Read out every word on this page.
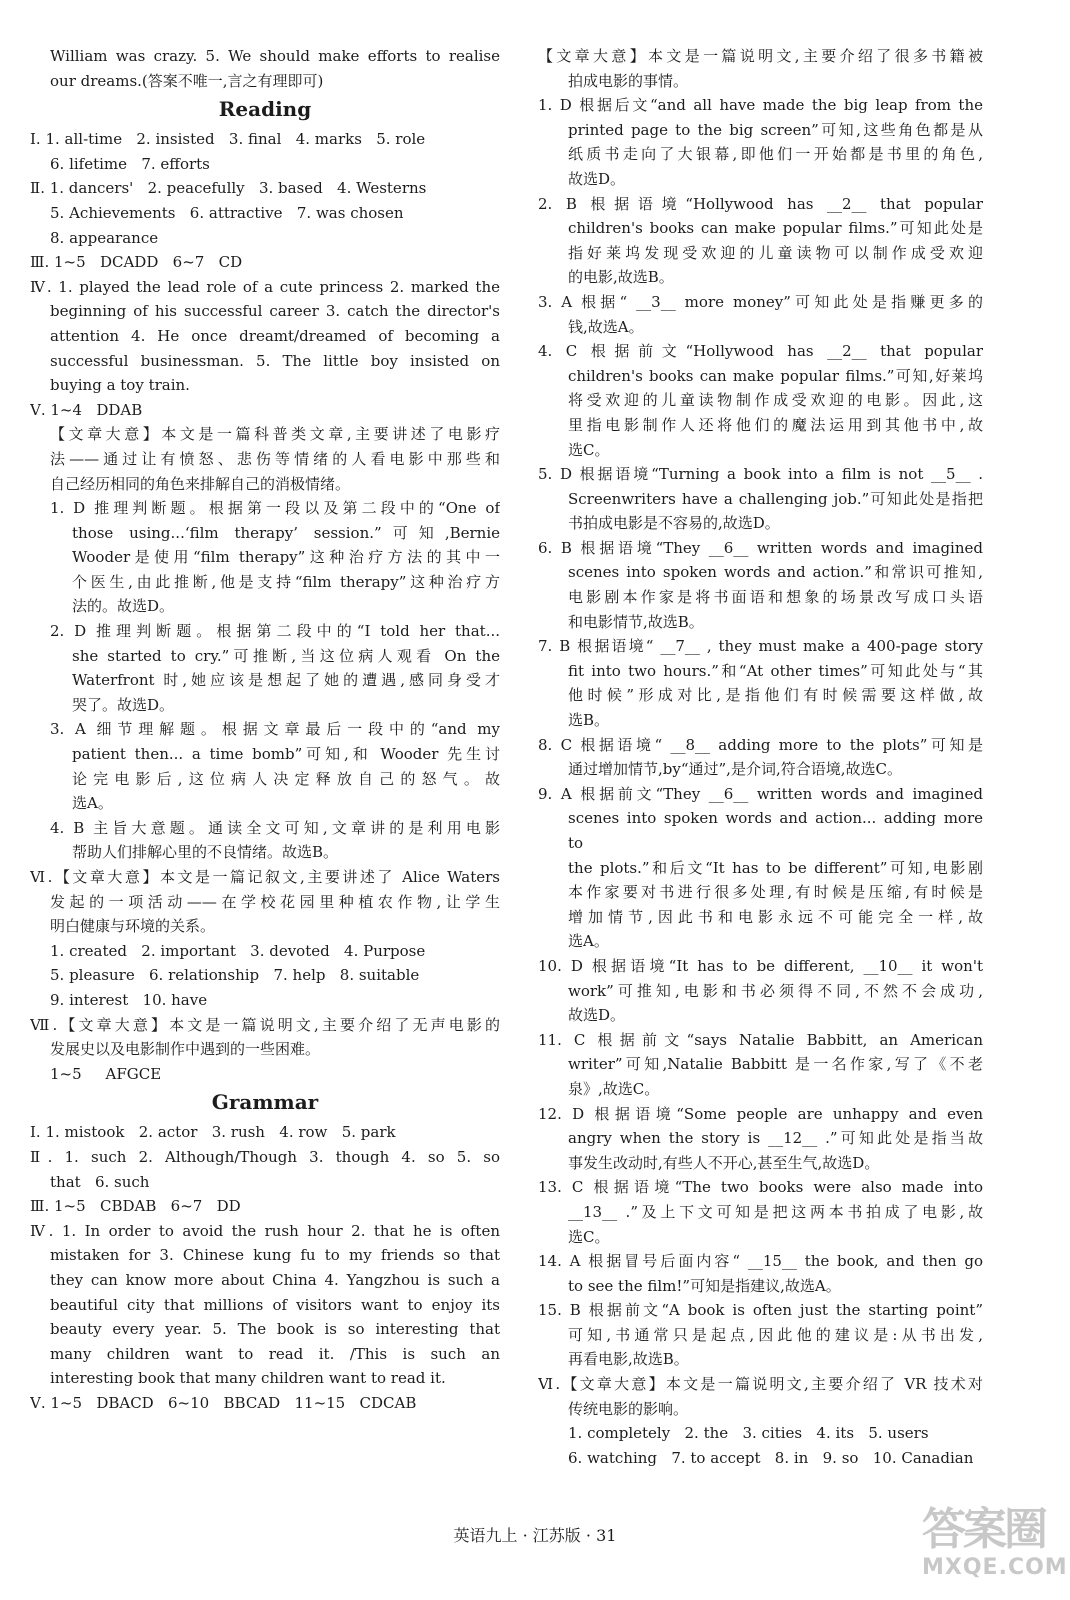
William was crazy. 5. We should make efforts to realise
our dreams.(答案不唯一,言之有理即可)
Reading
Ⅰ. 1. all-time   2. insisted   3. final   4. marks   5. role
6. lifetime   7. efforts
Ⅱ. 1. dancers'   2. peacefully   3. based   4. Westerns
5. Achievements   6. attractive   7. was chosen
8. appearance
Ⅲ. 1~5   DCADD   6~7   CD
Ⅳ. 1. played the lead role of a cute princess 2. marked the
beginning of his successful career 3. catch the director's
attention 4. He once dreamt/dreamed of becoming a
successful businessman. 5. The little boy insisted on
buying a toy train.
Ⅴ. 1~4   DDAB
【文章大意】本文是一篇科普类文章,主要讲述了电影疗
法——通过让有愤怒、悲伤等情绪的人看电影中那些和
自己经历相同的角色来排解自己的消极情绪。
1. D 推理判断题。根据第一段以及第二段中的“One of
those using...‘film therapy’ session.”可知,Bernie
Wooder是使用“film therapy”这种治疗方法的其中一
个医生,由此推断,他是支持“film therapy”这种治疗方
法的。故选D。
2. D 推理判断题。根据第二段中的“I told her that...
she started to cry.”可推断,当这位病人观看 On the
Waterfront 时,她应该是想起了她的遭遇,感同身受才
哭了。故选D。
3. A 细节理解题。根据文章最后一段中的“and my
patient then... a time bomb”可知,和 Wooder 先生讨
论完电影后,这位病人决定释放自己的怒气。故
选A。
4. B 主旨大意题。通读全文可知,文章讲的是利用电影
帮助人们排解心里的不良情绪。故选B。
Ⅵ.【文章大意】本文是一篇记叙文,主要讲述了 Alice Waters
发起的一项活动——在学校花园里种植农作物,让学生
明白健康与环境的关系。
1. created   2. important   3. devoted   4. Purpose
5. pleasure   6. relationship   7. help   8. suitable
9. interest   10. have
Ⅶ.【文章大意】本文是一篇说明文,主要介绍了无声电影的
发展史以及电影制作中遇到的一些困难。
1~5     AFGCE
Grammar
Ⅰ. 1. mistook   2. actor   3. rush   4. row   5. park
Ⅱ. 1. such 2. Although/Though 3. though 4. so 5. so
that   6. such
Ⅲ. 1~5   CBDAB   6~7   DD
Ⅳ. 1. In order to avoid the rush hour 2. that he is often
mistaken for 3. Chinese kung fu to my friends so that
they can know more about China 4. Yangzhou is such a
beautiful city that millions of visitors want to enjoy its
beauty every year. 5. The book is so interesting that
many children want to read it. /This is such an
interesting book that many children want to read it.
Ⅴ. 1~5   DBACD   6~10   BBCAD   11~15   CDCAB
【文章大意】本文是一篇说明文,主要介绍了很多书籍被
拍成电影的事情。
1. D 根据后文“and all have made the big leap from the
printed page to the big screen”可知,这些角色都是从
纸质书走向了大银幕,即他们一开始都是书里的角色,
故选D。
2. B 根据语境“Hollywood has __2__ that popular
children's books can make popular films.”可知此处是
指好莱坞发现受欢迎的儿童读物可以制作成受欢迎
的电影,故选B。
3. A 根据“ __3__ more money”可知此处是指赚更多的
钱,故选A。
4. C 根据前文“Hollywood has __2__ that popular
children's books can make popular films.”可知,好莱坞
将受欢迎的儿童读物制作成受欢迎的电影。因此,这
里指电影制作人还将他们的魔法运用到其他书中,故
选C。
5. D 根据语境“Turning a book into a film is not __5__ .
Screenwriters have a challenging job.”可知此处是指把
书拍成电影是不容易的,故选D。
6. B 根据语境“They __6__ written words and imagined
scenes into spoken words and action.”和常识可推知,
电影剧本作家是将书面语和想象的场景改写成口头语
和电影情节,故选B。
7. B 根据语境“ __7__ , they must make a 400-page story
fit into two hours.”和“At other times”可知此处与“其
他时候”形成对比,是指他们有时候需要这样做,故
选B。
8. C 根据语境“ __8__ adding more to the plots”可知是
通过增加情节,by“通过”,是介词,符合语境,故选C。
9. A 根据前文“They __6__ written words and imagined
scenes into spoken words and action... adding more to
the plots.”和后文“It has to be different”可知,电影剧
本作家要对书进行很多处理,有时候是压缩,有时候是
增加情节,因此书和电影永远不可能完全一样,故
选A。
10. D 根据语境“It has to be different, __10__ it won't
work”可推知,电影和书必须得不同,不然不会成功,
故选D。
11. C 根据前文“says Natalie Babbitt, an American
writer”可知,Natalie Babbitt 是一名作家,写了《不老
泉》,故选C。
12. D 根据语境“Some people are unhappy and even
angry when the story is __12__ .”可知此处是指当故
事发生改动时,有些人不开心,甚至生气,故选D。
13. C 根据语境“The two books were also made into
__13__ .”及上下文可知是把这两本书拍成了电影,故
选C。
14. A 根据冒号后面内容“ __15__ the book, and then go
to see the film!”可知是指建议,故选A。
15. B 根据前文“A book is often just the starting point”
可知,书通常只是起点,因此他的建议是:从书出发,
再看电影,故选B。
Ⅵ.【文章大意】本文是一篇说明文,主要介绍了 VR 技术对
传统电影的影响。
1. completely   2. the   3. cities   4. its   5. users
6. watching   7. to accept   8. in   9. so   10. Canadian
英语九上 · 江苏版 · 31	答案圈
MXQE.COM
